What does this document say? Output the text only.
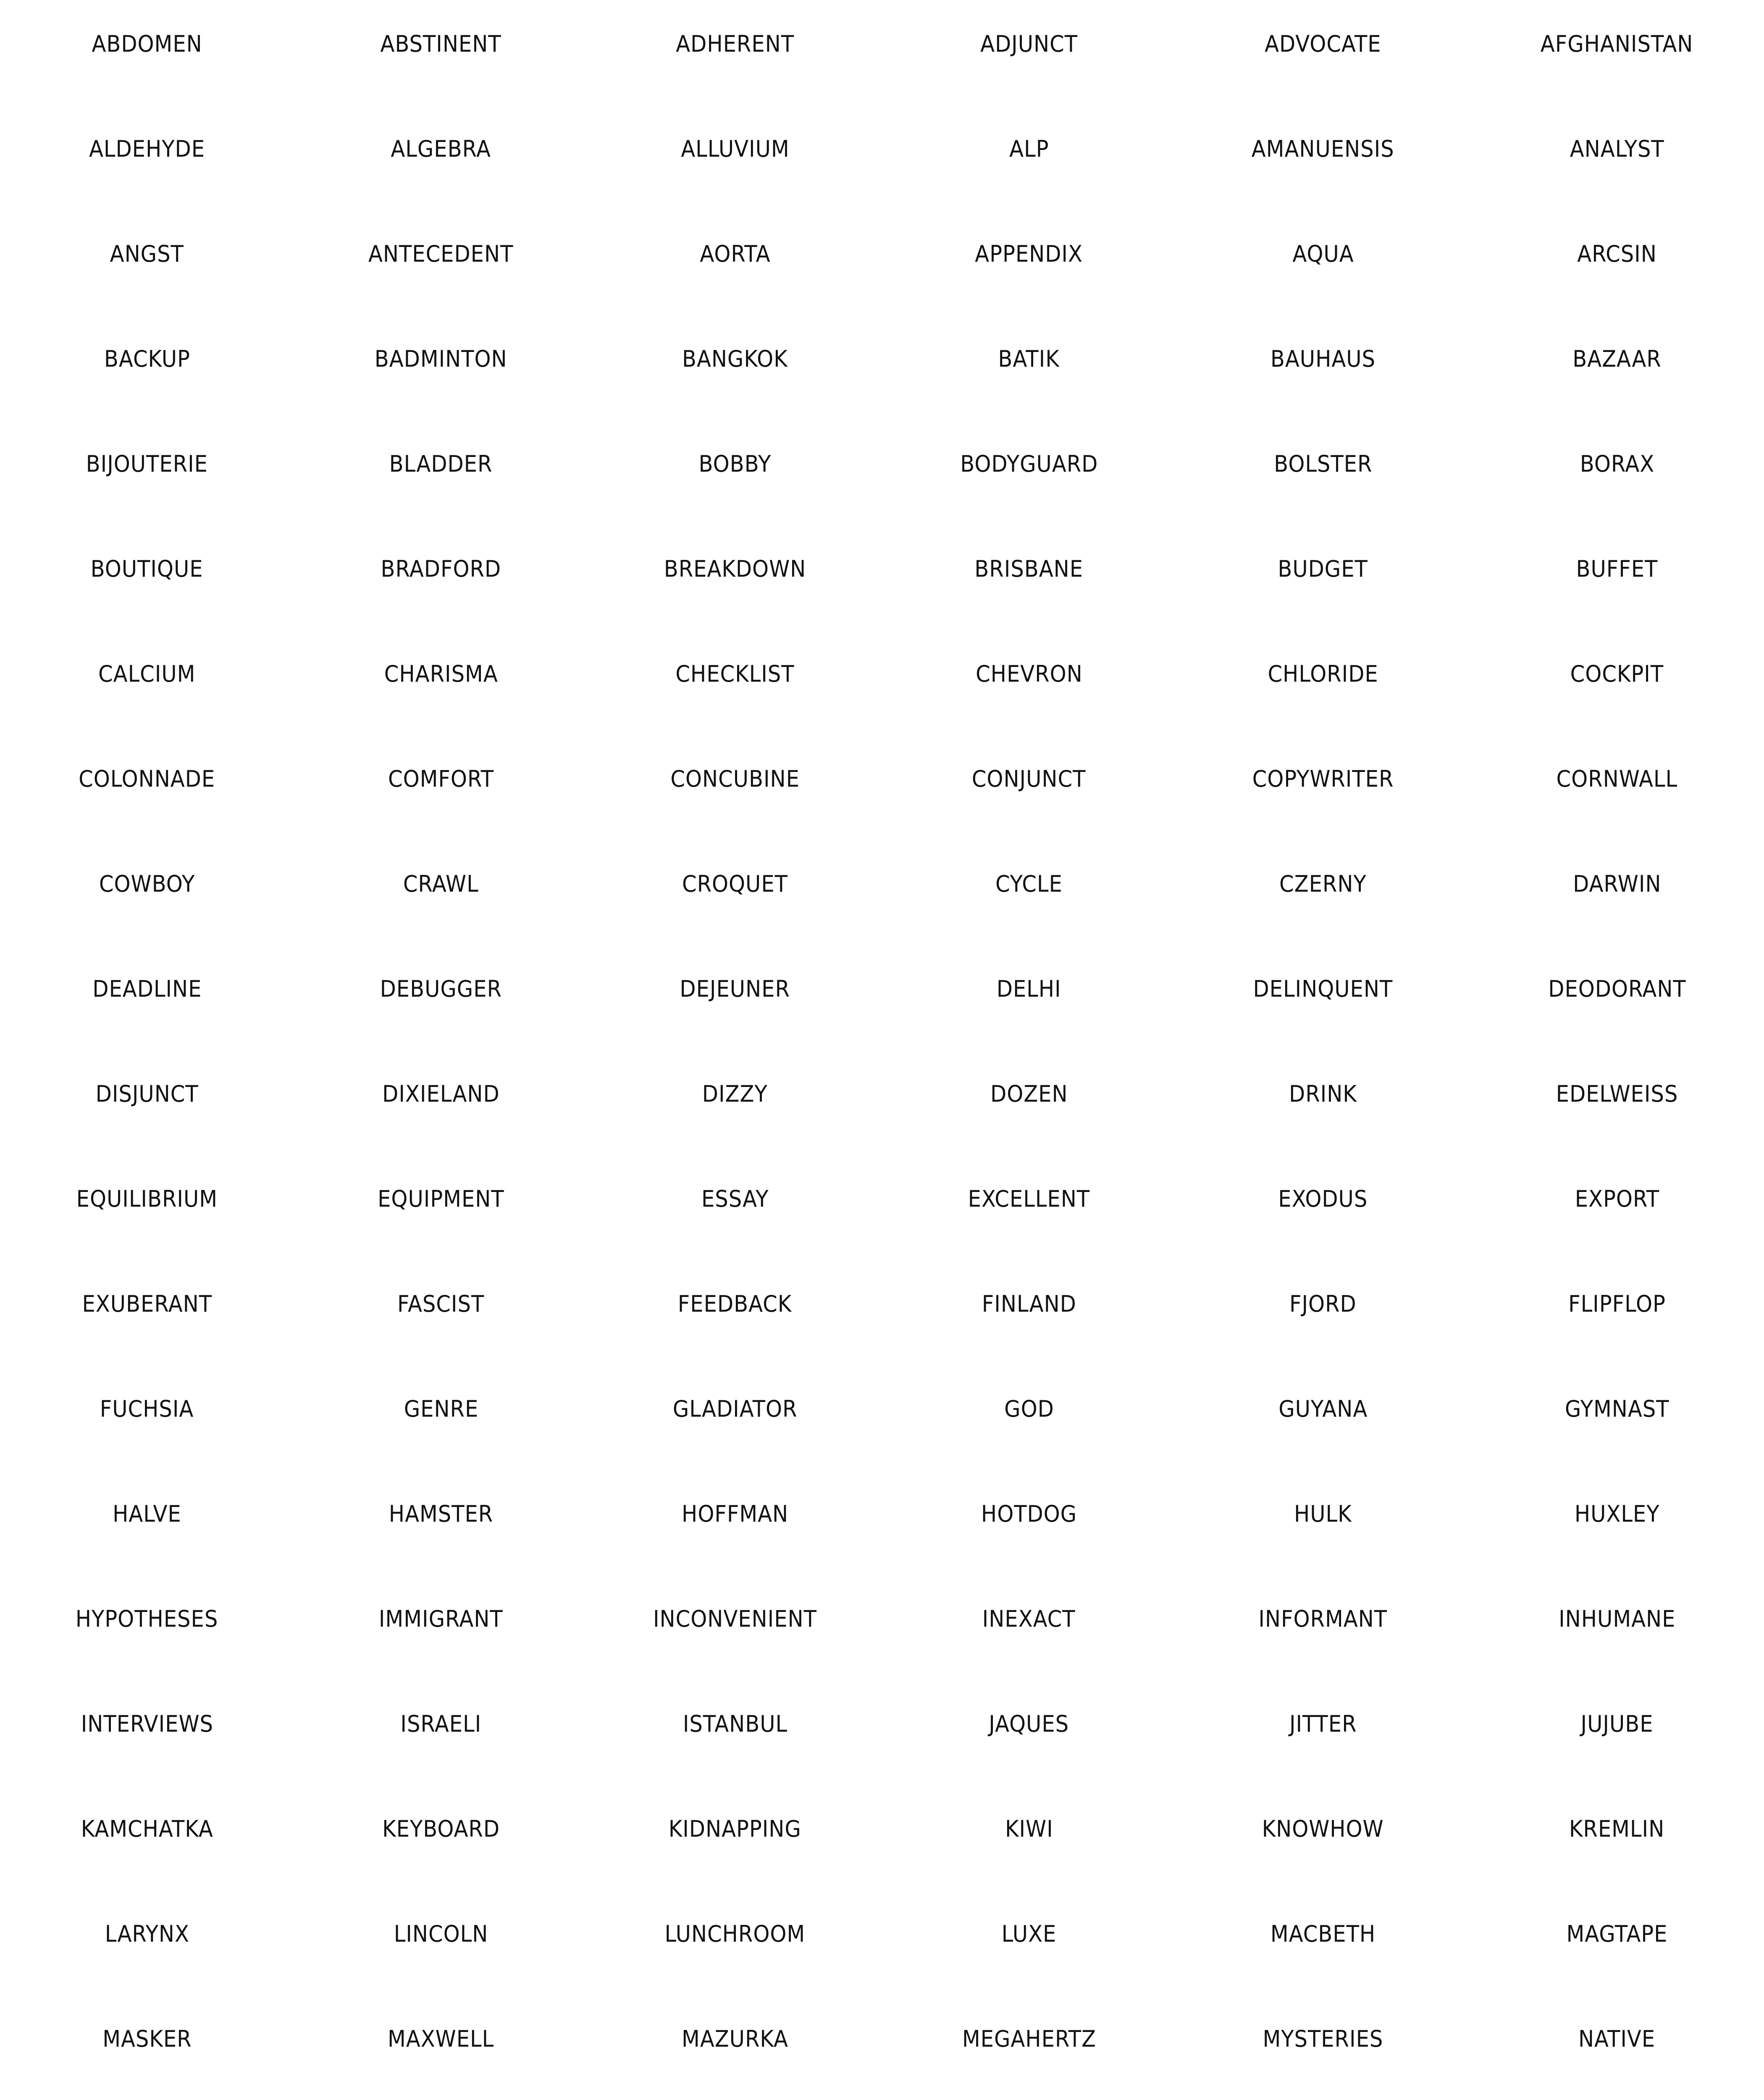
ABDOMEN	ABSTINENT	ADHERENT	ADJUNCT	ADVOCATE	AFGHANISTAN
ALDEHYDE	ALGEBRA	ALLUVIUM	ALP	AMANUENSIS	ANALYST
ANGST	ANTECEDENT	AORTA	APPENDIX	AQUA	ARCSIN
BACKUP	BADMINTON	BANGKOK	BATIK	BAUHAUS	BAZAAR
BIJOUTERIE	BLADDER	BOBBY	BODYGUARD	BOLSTER	BORAX
BOUTIQUE	BRADFORD	BREAKDOWN	BRISBANE	BUDGET	BUFFET
CALCIUM	CHARISMA	CHECKLIST	CHEVRON	CHLORIDE	COCKPIT
COLONNADE	COMFORT	CONCUBINE	CONJUNCT	COPYWRITER	CORNWALL
COWBOY	CRAWL	CROQUET	CYCLE	CZERNY	DARWIN
DEADLINE	DEBUGGER	DEJEUNER	DELHI	DELINQUENT	DEODORANT
DISJUNCT	DIXIELAND	DIZZY	DOZEN	DRINK	EDELWEISS
EQUILIBRIUM	EQUIPMENT	ESSAY	EXCELLENT	EXODUS	EXPORT
EXUBERANT	FASCIST	FEEDBACK	FINLAND	FJORD	FLIPFLOP
FUCHSIA	GENRE	GLADIATOR	GOD	GUYANA	GYMNAST
HALVE	HAMSTER	HOFFMAN	HOTDOG	HULK	HUXLEY
HYPOTHESES	IMMIGRANT	INCONVENIENT	INEXACT	INFORMANT	INHUMANE
INTERVIEWS	ISRAELI	ISTANBUL	JAQUES	JITTER	JUJUBE
KAMCHATKA	KEYBOARD	KIDNAPPING	KIWI	KNOWHOW	KREMLIN
LARYNX	LINCOLN	LUNCHROOM	LUXE	MACBETH	MAGTAPE
MASKER	MAXWELL	MAZURKA	MEGAHERTZ	MYSTERIES	NATIVE
